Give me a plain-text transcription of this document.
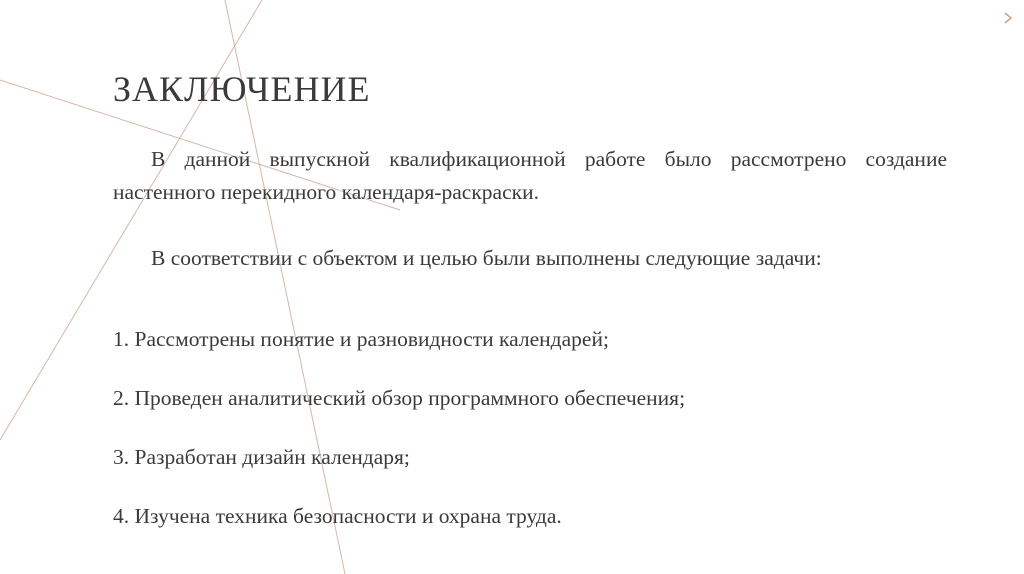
ЗАКЛЮЧЕНИЕ

В данной выпускной квалификационной работе было рассмотрено создание настенного перекидного календаря-раскраски.

В соответствии с объектом и целью были выполнены следующие задачи:

1. Рассмотрены понятие и разновидности календарей;
2. Проведен аналитический обзор программного обеспечения;
3. Разработан дизайн календаря;
4. Изучена техника безопасности и охрана труда.
